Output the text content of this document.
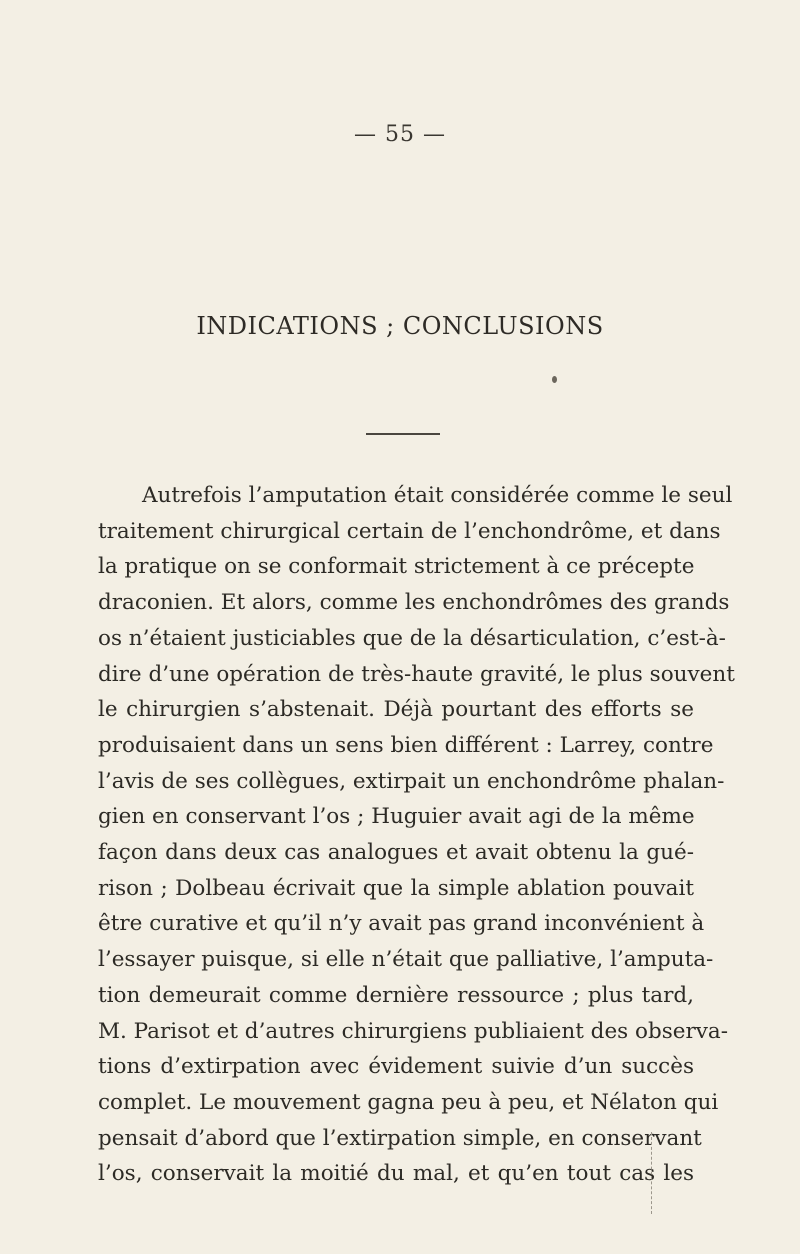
— 55 —
INDICATIONS ; CONCLUSIONS
Autrefois l’amputation était considérée comme le seul
traitement chirurgical certain de l’enchondrôme, et dans
la pratique on se conformait strictement à ce précepte
draconien. Et alors, comme les enchondrômes des grands
os n’étaient justiciables que de la désarticulation, c’est-à-
dire d’une opération de très-haute gravité, le plus souvent
le chirurgien s’abstenait. Déjà pourtant des efforts se
produisaient dans un sens bien différent : Larrey, contre
l’avis de ses collègues, extirpait un enchondrôme phalan-
gien en conservant l’os ; Huguier avait agi de la même
façon dans deux cas analogues et avait obtenu la gué-
rison ; Dolbeau écrivait que la simple ablation pouvait
être curative et qu’il n’y avait pas grand inconvénient à
l’essayer puisque, si elle n’était que palliative, l’amputa-
tion demeurait comme dernière ressource ; plus tard,
M. Parisot et d’autres chirurgiens publiaient des observa-
tions d’extirpation avec évidement suivie d’un succès
complet. Le mouvement gagna peu à peu, et Nélaton qui
pensait d’abord que l’extirpation simple, en conservant
l’os, conservait la moitié du mal, et qu’en tout cas les
